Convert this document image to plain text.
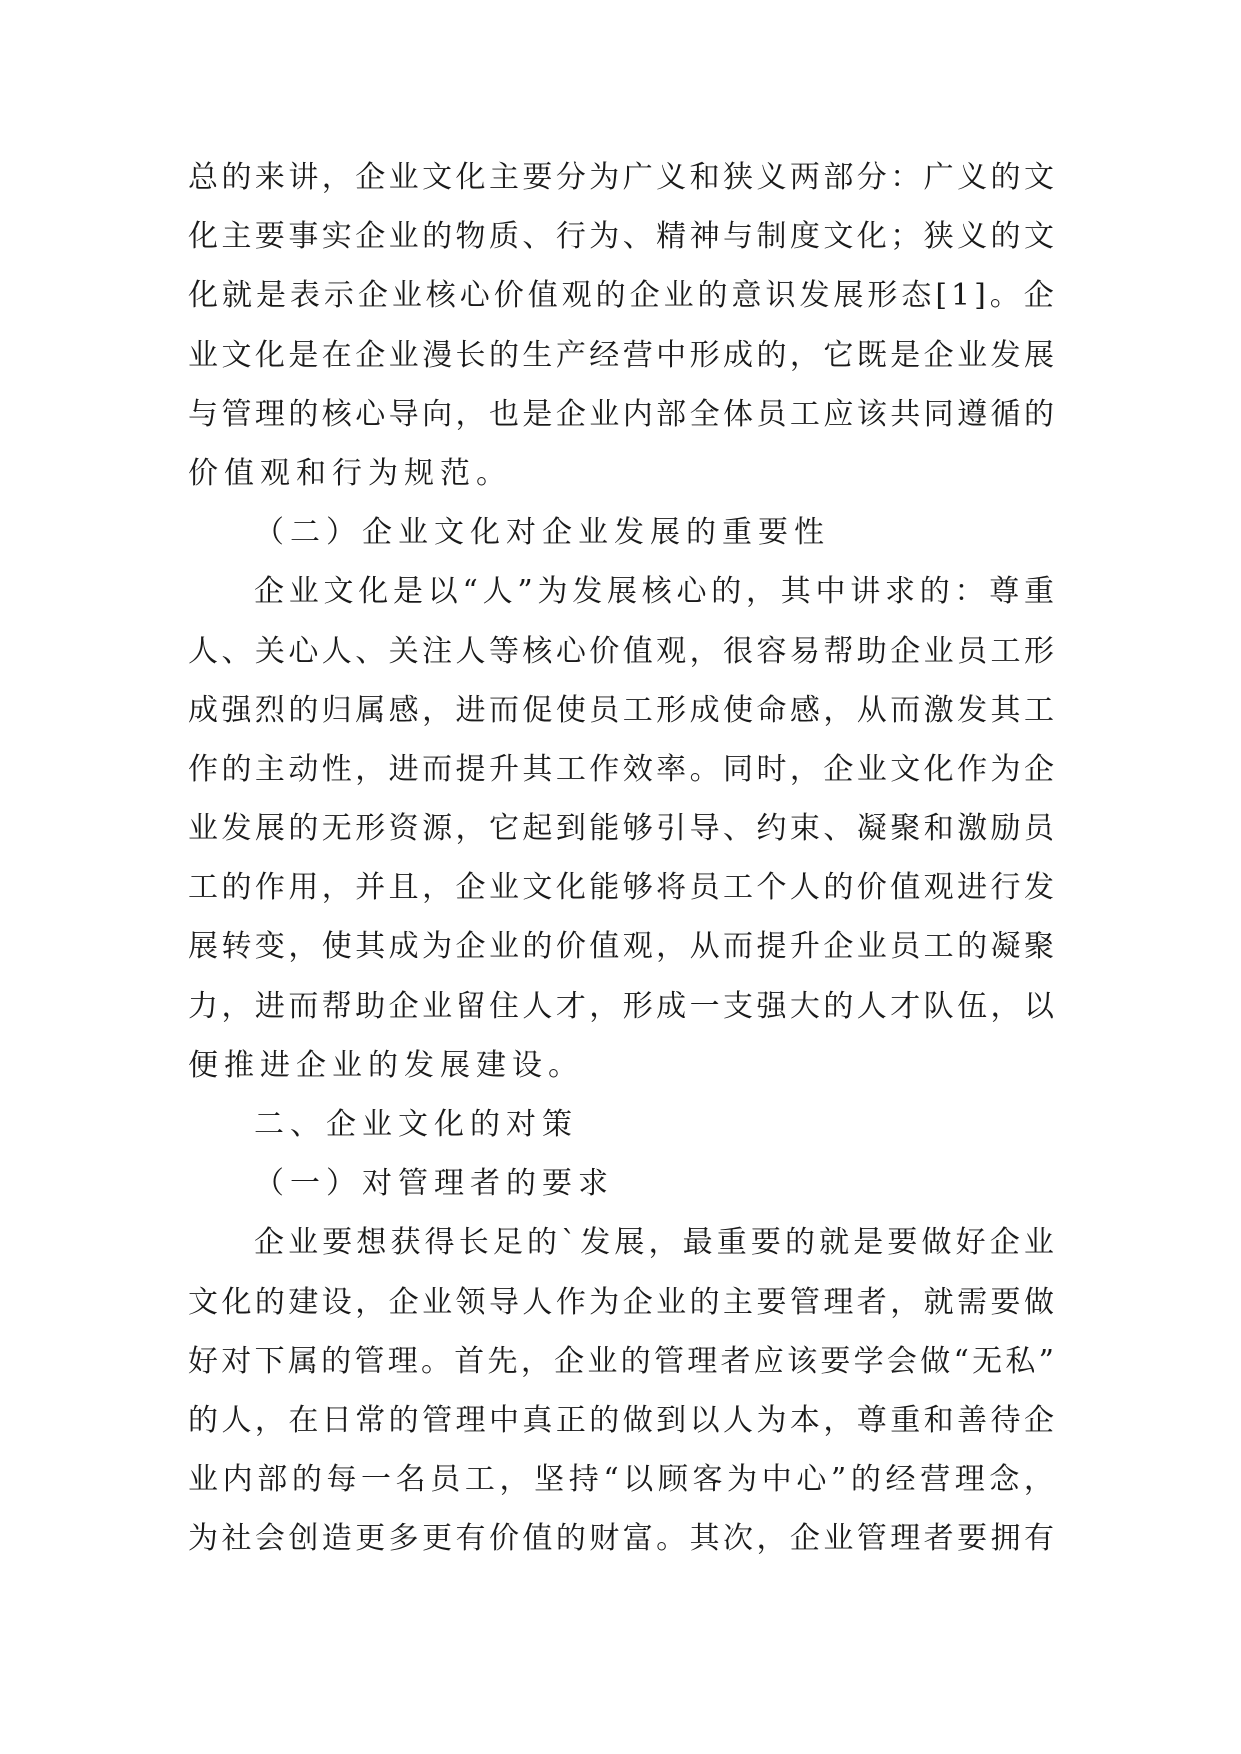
总 的 来 讲 ， 企 业 文 化 主 要 分 为 广 义 和 狭 义 两 部 分 ： 广 义 的 文
化 主 要 事 实 企 业 的 物 质 、 行 为 、 精 神 与 制 度 文 化 ； 狭 义 的 文
化 就 是 表 示 企 业 核 心 价 值 观 的 企 业 的 意 识 发 展 形 态 [ 1 ] 。 企
业 文 化 是 在 企 业 漫 长 的 生 产 经 营 中 形 成 的 ， 它 既 是 企 业 发 展
与 管 理 的 核 心 导 向 ， 也 是 企 业 内 部 全 体 员 工 应 该 共 同 遵 循 的
价值观和行为规范。
（二）企业文化对企业发展的重要性
企 业 文 化 是 以 “ 人 ” 为 发 展 核 心 的 ， 其 中 讲 求 的 ： 尊 重
人 、 关 心 人 、 关 注 人 等 核 心 价 值 观 ， 很 容 易 帮 助 企 业 员 工 形
成 强 烈 的 归 属 感 ， 进 而 促 使 员 工 形 成 使 命 感 ， 从 而 激 发 其 工
作 的 主 动 性 ， 进 而 提 升 其 工 作 效 率 。 同 时 ， 企 业 文 化 作 为 企
业 发 展 的 无 形 资 源 ， 它 起 到 能 够 引 导 、 约 束 、 凝 聚 和 激 励 员
工 的 作 用 ， 并 且 ， 企 业 文 化 能 够 将 员 工 个 人 的 价 值 观 进 行 发
展 转 变 ， 使 其 成 为 企 业 的 价 值 观 ， 从 而 提 升 企 业 员 工 的 凝 聚
力 ， 进 而 帮 助 企 业 留 住 人 才 ， 形 成 一 支 强 大 的 人 才 队 伍 ， 以
便推进企业的发展建设。
二、企业文化的对策
（一）对管理者的要求
企 业 要 想 获 得 长 足 的 ` 发 展 ， 最 重 要 的 就 是 要 做 好 企 业
文 化 的 建 设 ， 企 业 领 导 人 作 为 企 业 的 主 要 管 理 者 ， 就 需 要 做
好 对 下 属 的 管 理 。 首 先 ， 企 业 的 管 理 者 应 该 要 学 会 做 “ 无 私 ”
的 人 ， 在 日 常 的 管 理 中 真 正 的 做 到 以 人 为 本 ， 尊 重 和 善 待 企
业 内 部 的 每 一 名 员 工 ， 坚 持 “ 以 顾 客 为 中 心 ” 的 经 营 理 念 ，
为 社 会 创 造 更 多 更 有 价 值 的 财 富 。 其 次 ， 企 业 管 理 者 要 拥 有
